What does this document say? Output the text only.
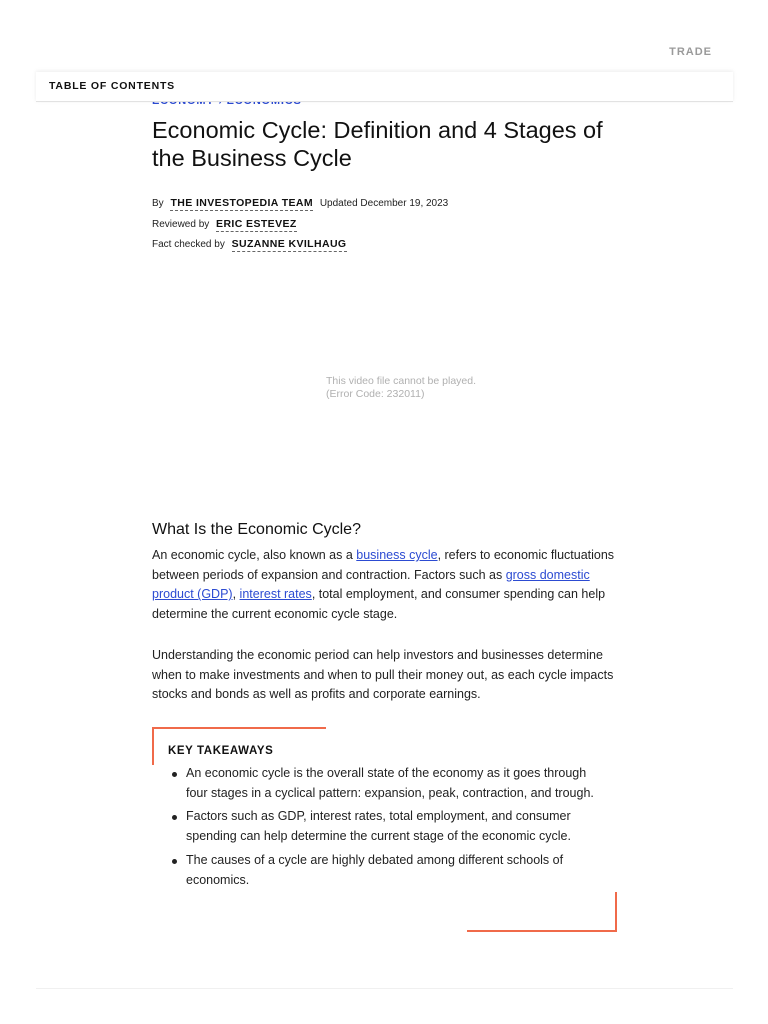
TRADE
TABLE OF CONTENTS
Economic Cycle: Definition and 4 Stages of the Business Cycle
By THE INVESTOPEDIA TEAM Updated December 19, 2023
Reviewed by ERIC ESTEVEZ
Fact checked by SUZANNE KVILHAUG
This video file cannot be played.
(Error Code: 232011)
What Is the Economic Cycle?

An economic cycle, also known as a business cycle, refers to economic fluctuations between periods of expansion and contraction. Factors such as gross domestic product (GDP), interest rates, total employment, and consumer spending can help determine the current economic cycle stage.

Understanding the economic period can help investors and businesses determine when to make investments and when to pull their money out, as each cycle impacts stocks and bonds as well as profits and corporate earnings.

KEY TAKEAWAYS
An economic cycle is the overall state of the economy as it goes through four stages in a cyclical pattern: expansion, peak, contraction, and trough.
Factors such as GDP, interest rates, total employment, and consumer spending can help determine the current stage of the economic cycle.
The causes of a cycle are highly debated among different schools of economics.
